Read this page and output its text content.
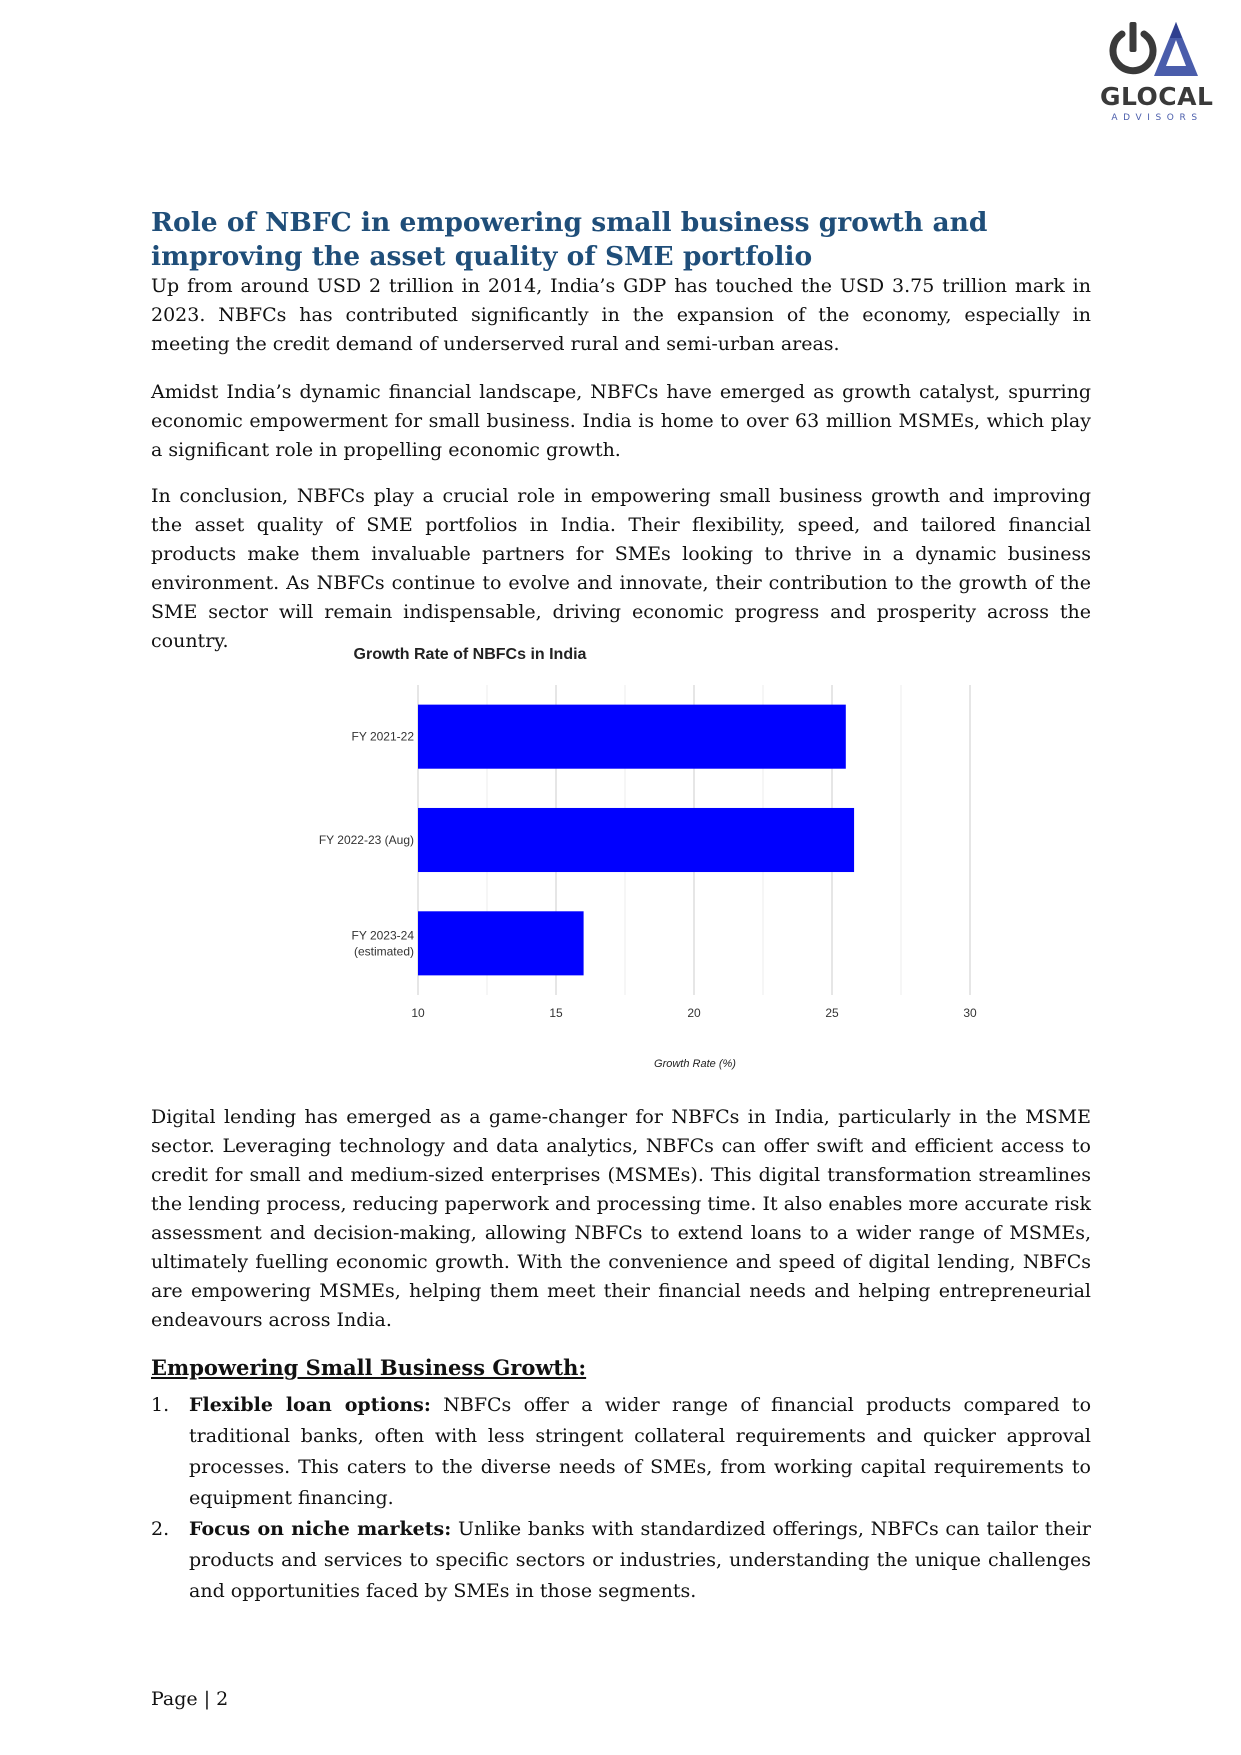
GLOCAL
ADVISORS
Role of NBFC in empowering small business growth and
improving the asset quality of SME portfolio

Up from around USD 2 trillion in 2014, India’s GDP has touched the USD 3.75 trillion mark in 2023. NBFCs has contributed significantly in the expansion of the economy, especially in meeting the credit demand of underserved rural and semi-urban areas.

Amidst India’s dynamic financial landscape, NBFCs have emerged as growth catalyst, spurring economic empowerment for small business. India is home to over 63 million MSMEs, which play a significant role in propelling economic growth.

In conclusion, NBFCs play a crucial role in empowering small business growth and improving the asset quality of SME portfolios in India. Their flexibility, speed, and tailored financial products make them invaluable partners for SMEs looking to thrive in a dynamic business environment. As NBFCs continue to evolve and innovate, their contribution to the growth of the SME sector will remain indispensable, driving economic progress and prosperity across the country.

Growth Rate of NBFCs in India
FY 2021-22
FY 2022-23 (Aug)
FY 2023-24
(estimated)
10	15	20	25	30
Growth Rate (%)

Digital lending has emerged as a game-changer for NBFCs in India, particularly in the MSME sector. Leveraging technology and data analytics, NBFCs can offer swift and efficient access to credit for small and medium-sized enterprises (MSMEs). This digital transformation streamlines the lending process, reducing paperwork and processing time. It also enables more accurate risk assessment and decision-making, allowing NBFCs to extend loans to a wider range of MSMEs, ultimately fuelling economic growth. With the convenience and speed of digital lending, NBFCs are empowering MSMEs, helping them meet their financial needs and helping entrepreneurial endeavours across India.

Empowering Small Business Growth:
1. Flexible loan options: NBFCs offer a wider range of financial products compared to traditional banks, often with less stringent collateral requirements and quicker approval processes. This caters to the diverse needs of SMEs, from working capital requirements to equipment financing.
2. Focus on niche markets: Unlike banks with standardized offerings, NBFCs can tailor their products and services to specific sectors or industries, understanding the unique challenges and opportunities faced by SMEs in those segments.
Page | 2
